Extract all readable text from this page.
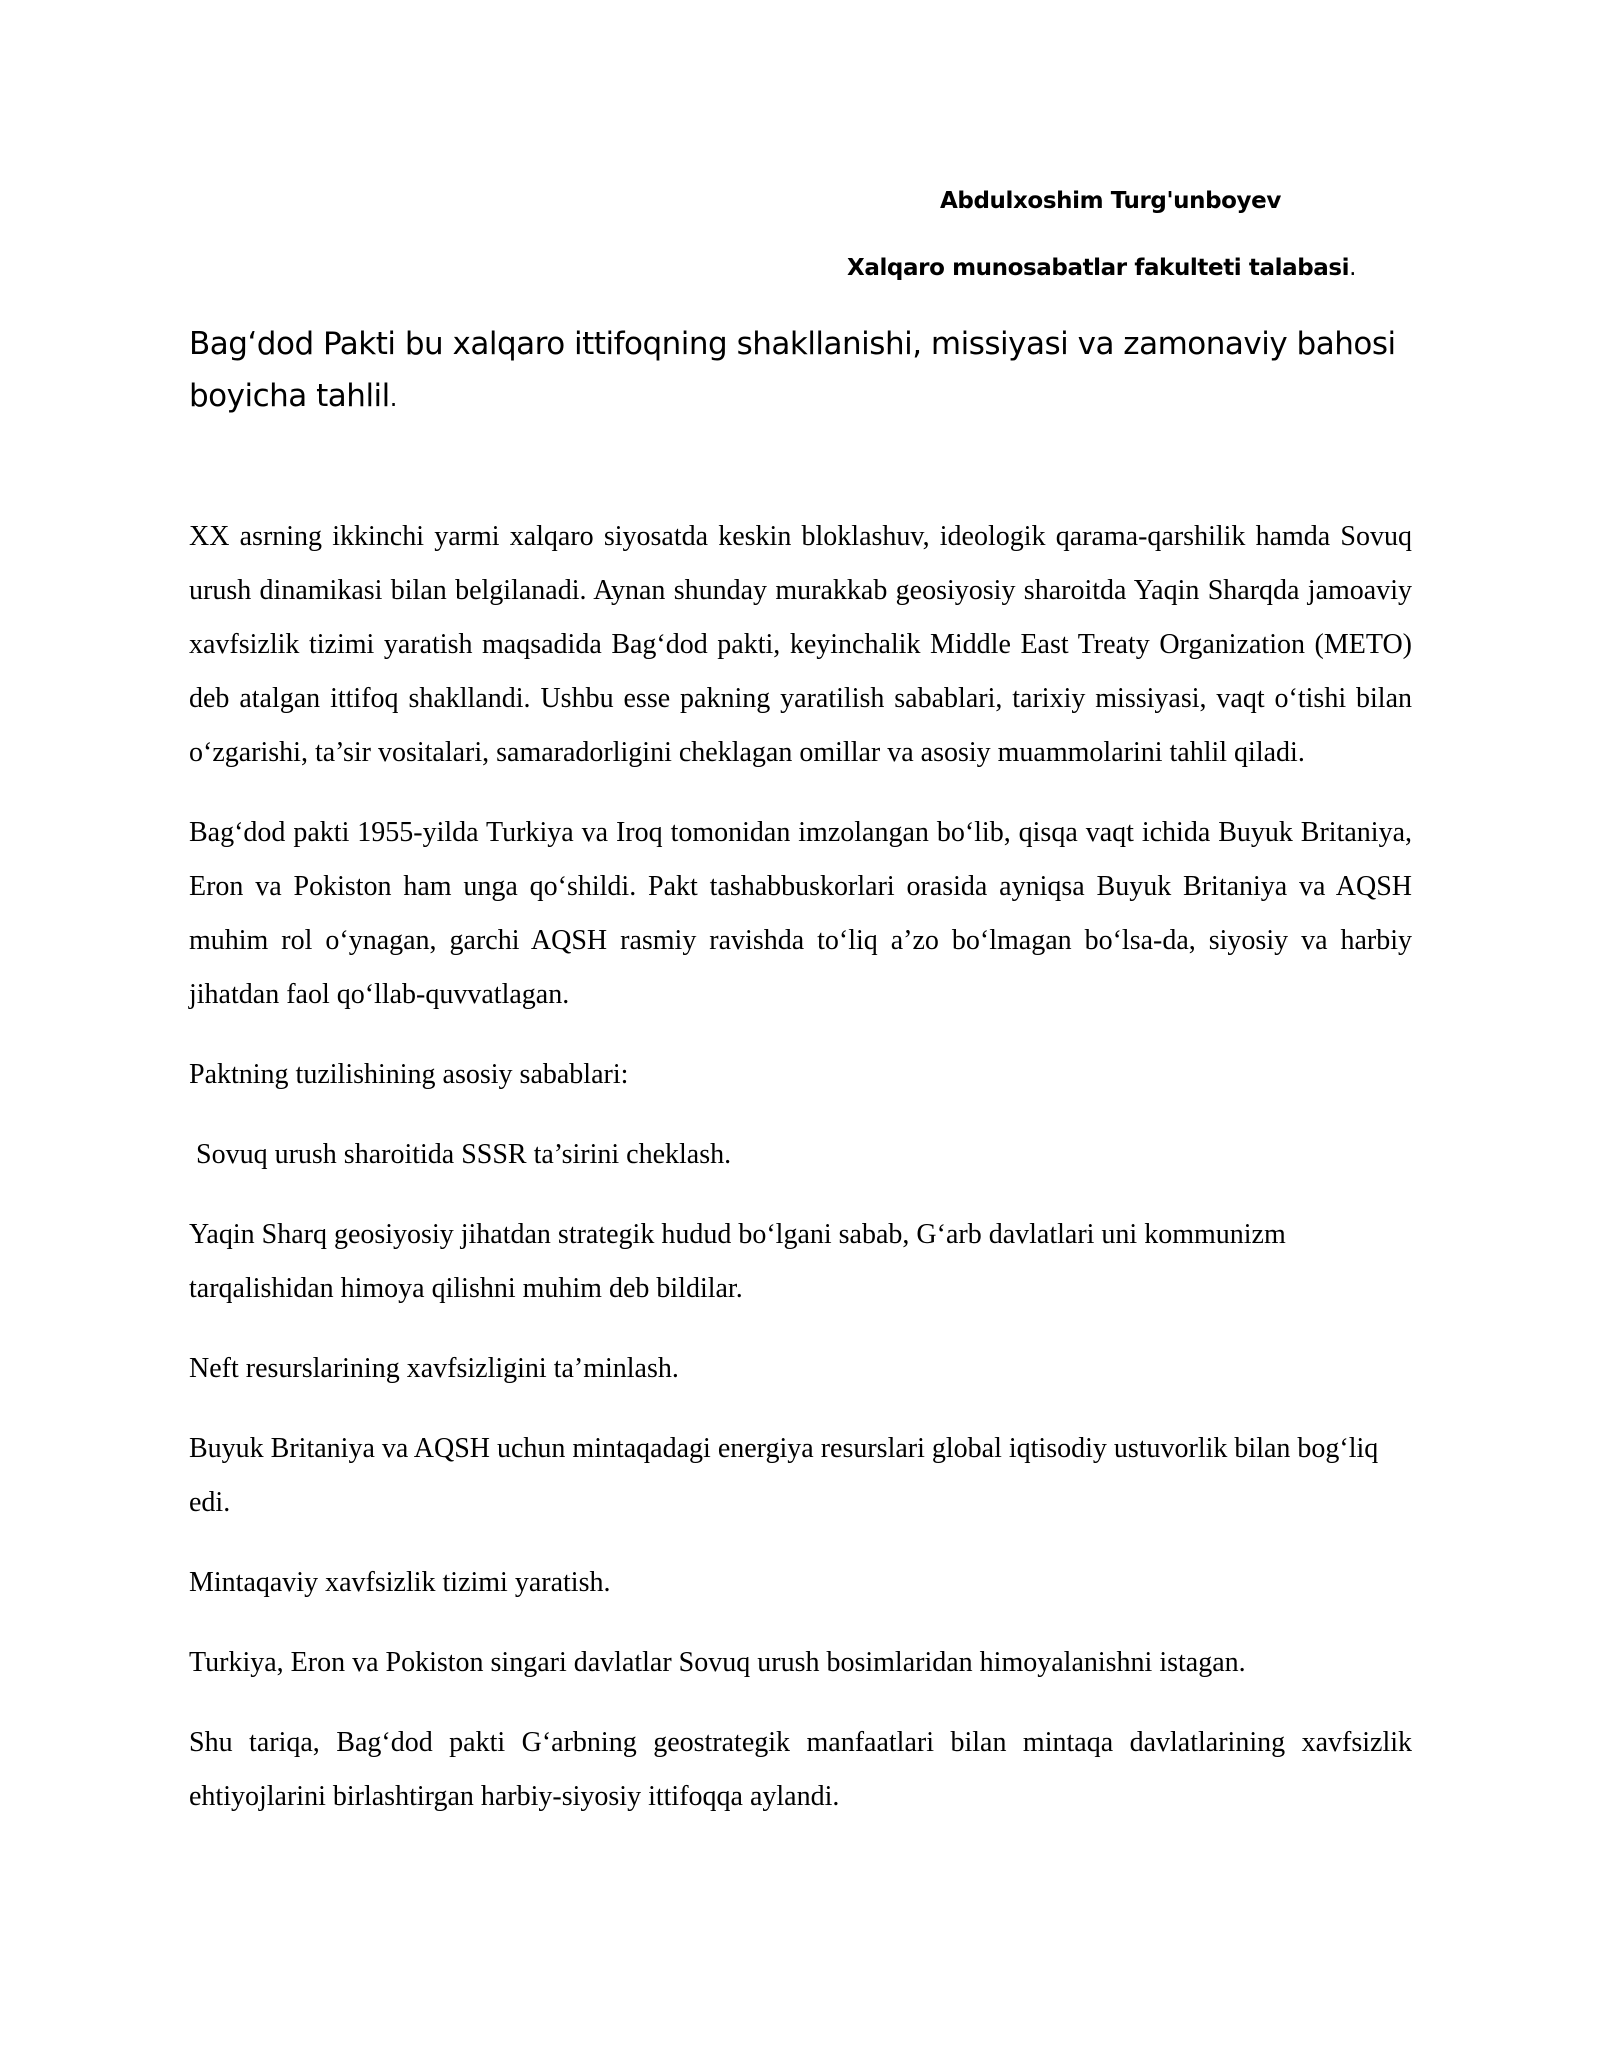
Abdulxoshim Turg'unboyev
Xalqaro munosabatlar fakulteti talabasi.
Bag‘dod Pakti bu xalqaro ittifoqning shakllanishi, missiyasi va zamonaviy bahosi boyicha tahlil.

XX asrning ikkinchi yarmi xalqaro siyosatda keskin bloklashuv, ideologik qarama-qarshilik hamda Sovuq urush dinamikasi bilan belgilanadi. Aynan shunday murakkab geosiyosiy sharoitda Yaqin Sharqda jamoaviy xavfsizlik tizimi yaratish maqsadida Bag‘dod pakti, keyinchalik Middle East Treaty Organization (METO) deb atalgan ittifoq shakllandi. Ushbu esse pakning yaratilish sabablari, tarixiy missiyasi, vaqt o‘tishi bilan o‘zgarishi, ta’sir vositalari, samaradorligini cheklagan omillar va asosiy muammolarini tahlil qiladi.

Bag‘dod pakti 1955-yilda Turkiya va Iroq tomonidan imzolangan bo‘lib, qisqa vaqt ichida Buyuk Britaniya, Eron va Pokiston ham unga qo‘shildi. Pakt tashabbuskorlari orasida ayniqsa Buyuk Britaniya va AQSH muhim rol o‘ynagan, garchi AQSH rasmiy ravishda to‘liq a’zo bo‘lmagan bo‘lsa-da, siyosiy va harbiy jihatdan faol qo‘llab-quvvatlagan.

Paktning tuzilishining asosiy sabablari:

Sovuq urush sharoitida SSSR ta’sirini cheklash.

Yaqin Sharq geosiyosiy jihatdan strategik hudud bo‘lgani sabab, G‘arb davlatlari uni kommunizm tarqalishidan himoya qilishni muhim deb bildilar.

Neft resurslarining xavfsizligini ta’minlash.

Buyuk Britaniya va AQSH uchun mintaqadagi energiya resurslari global iqtisodiy ustuvorlik bilan bog‘liq edi.

Mintaqaviy xavfsizlik tizimi yaratish.

Turkiya, Eron va Pokiston singari davlatlar Sovuq urush bosimlaridan himoyalanishni istagan.

Shu tariqa, Bag‘dod pakti G‘arbning geostrategik manfaatlari bilan mintaqa davlatlarining xavfsizlik ehtiyojlarini birlashtirgan harbiy-siyosiy ittifoqqa aylandi.
